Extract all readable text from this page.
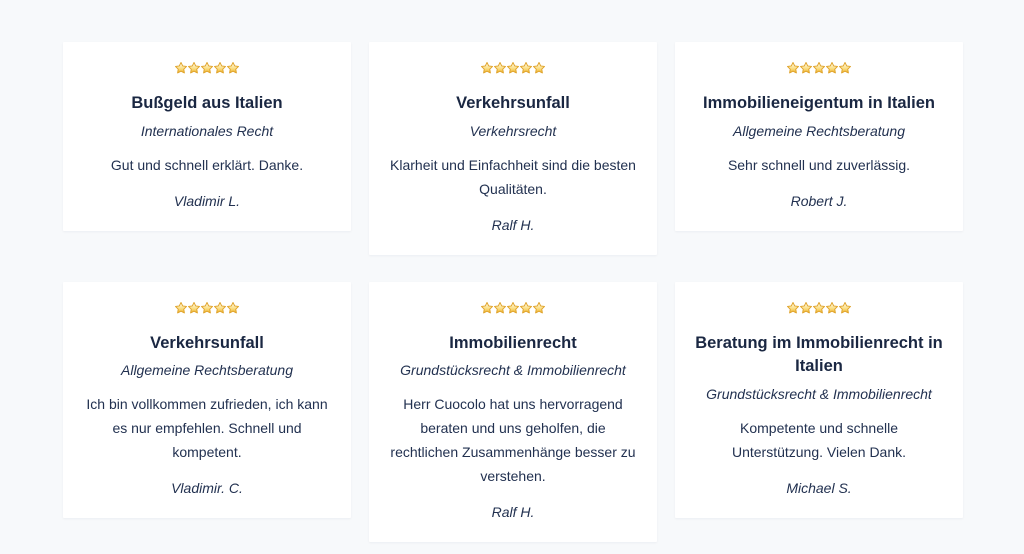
Bußgeld aus Italien
Internationales Recht

Gut und schnell erklärt. Danke.

Vladimir L.
Verkehrsunfall
Verkehrsrecht

Klarheit und Einfachheit sind die besten Qualitäten.

Ralf H.
Immobilieneigentum in Italien
Allgemeine Rechtsberatung

Sehr schnell und zuverlässig.

Robert J.
Verkehrsunfall
Allgemeine Rechtsberatung

Ich bin vollkommen zufrieden, ich kann es nur empfehlen. Schnell und kompetent.

Vladimir. C.
Immobilienrecht
Grundstücksrecht & Immobilienrecht

Herr Cuocolo hat uns hervorragend beraten und uns geholfen, die rechtlichen Zusammenhänge besser zu verstehen.

Ralf H.
Beratung im Immobilienrecht in Italien
Grundstücksrecht & Immobilienrecht

Kompetente und schnelle Unterstützung. Vielen Dank.

Michael S.
